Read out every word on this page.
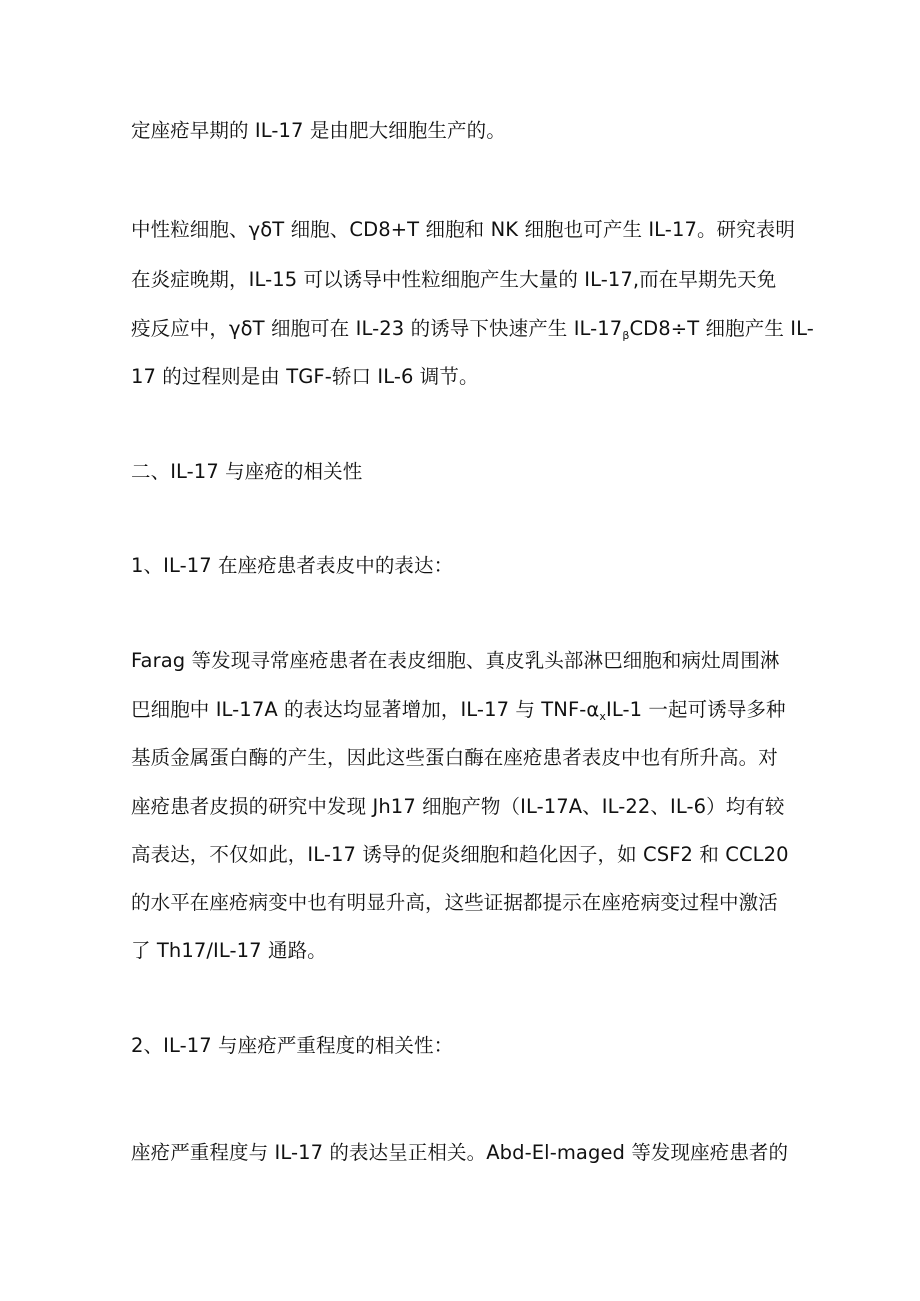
定座疮早期的 IL-17 是由肥大细胞生产的。
中性粒细胞、γδT 细胞、CD8+T 细胞和 NK 细胞也可产生 IL-17。研究表明
在炎症晚期，IL-15 可以诱导中性粒细胞产生大量的 IL-17,而在早期先天免
疫反应中，γδT 细胞可在 IL-23 的诱导下快速产生 $IL-17_\beta CD8\div T$ 细胞产生 IL-
17 的过程则是由 TGF-轿口 IL-6 调节。
二、IL-17 与座疮的相关性
1、IL-17 在座疮患者表皮中的表达：
Farag 等发现寻常座疮患者在表皮细胞、真皮乳头部淋巴细胞和病灶周围淋
巴细胞中 IL-17A 的表达均显著增加，IL-17 与 TNF-$\alpha_xIL-1$ 一起可诱导多种
基质金属蛋白酶的产生，因此这些蛋白酶在座疮患者表皮中也有所升高。对
座疮患者皮损的研究中发现 Jh17 细胞产物（IL-17A、IL-22、IL-6）均有较
高表达，不仅如此，IL-17 诱导的促炎细胞和趋化因子，如 CSF2 和 CCL20
的水平在座疮病变中也有明显升高，这些证据都提示在座疮病变过程中激活
了 Th17/IL-17 通路。
2、IL-17 与座疮严重程度的相关性：
座疮严重程度与 IL-17 的表达呈正相关。Abd-El-maged 等发现座疮患者的
